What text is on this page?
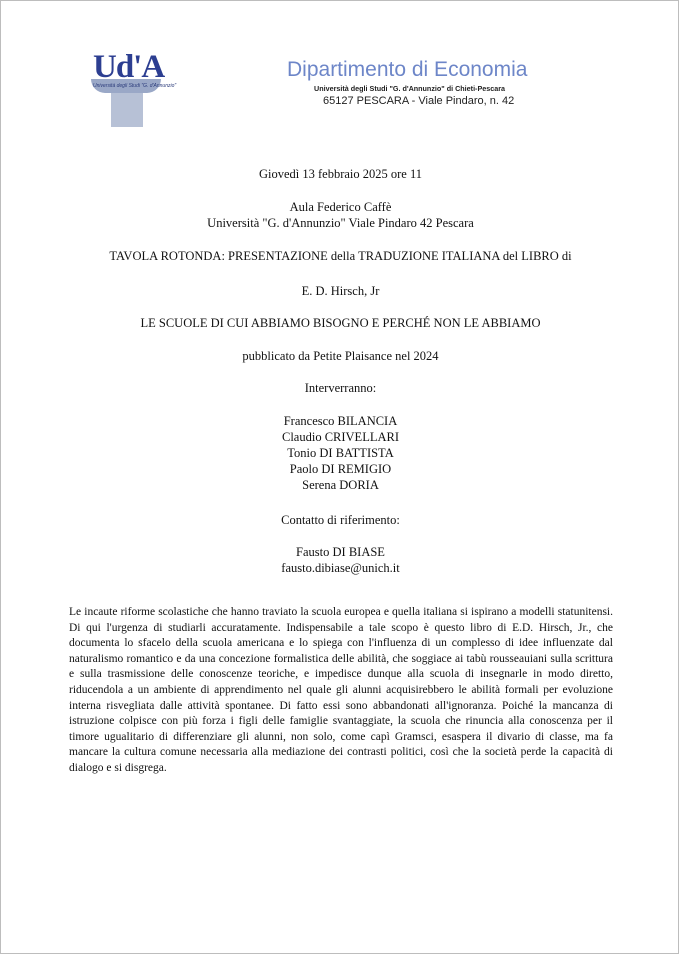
Università degli Studi "G. d'Annunzio"
Ud'A	Dipartimento di Economia
Università degli Studi "G. d'Annunzio" di Chieti-Pescara
65127 PESCARA - Viale Pindaro, n. 42
Giovedì 13 febbraio 2025 ore 11
Aula Federico Caffè
Università "G. d'Annunzio" Viale Pindaro 42 Pescara
TAVOLA ROTONDA: PRESENTAZIONE della TRADUZIONE ITALIANA del LIBRO di
E. D. Hirsch, Jr
LE SCUOLE DI CUI ABBIAMO BISOGNO E PERCHÉ NON LE ABBIAMO
pubblicato da Petite Plaisance nel 2024
Interverranno:
Francesco BILANCIA
Claudio CRIVELLARI
Tonio DI BATTISTA
Paolo DI REMIGIO
Serena DORIA
Contatto di riferimento:
Fausto DI BIASE
fausto.dibiase@unich.it
Le incaute riforme scolastiche che hanno traviato la scuola europea e quella italiana si ispirano a modelli statunitensi. Di qui l'urgenza di studiarli accuratamente. Indispensabile a tale scopo è questo libro di E.D. Hirsch, Jr., che documenta lo sfacelo della scuola americana e lo spiega con l'influenza di un complesso di idee influenzate dal naturalismo romantico e da una concezione formalistica delle abilità, che soggiace ai tabù rousseauiani sulla scrittura e sulla trasmissione delle conoscenze teoriche, e impedisce dunque alla scuola di insegnarle in modo diretto, riducendola a un ambiente di apprendimento nel quale gli alunni acquisirebbero le abilità formali per evoluzione interna risvegliata dalle attività spontanee. Di fatto essi sono abbandonati all'ignoranza. Poiché la mancanza di istruzione colpisce con più forza i figli delle famiglie svantaggiate, la scuola che rinuncia alla conoscenza per il timore ugualitario di differenziare gli alunni, non solo, come capì Gramsci, esaspera il divario di classe, ma fa mancare la cultura comune necessaria alla mediazione dei contrasti politici, così che la società perde la capacità di dialogo e si disgrega.
